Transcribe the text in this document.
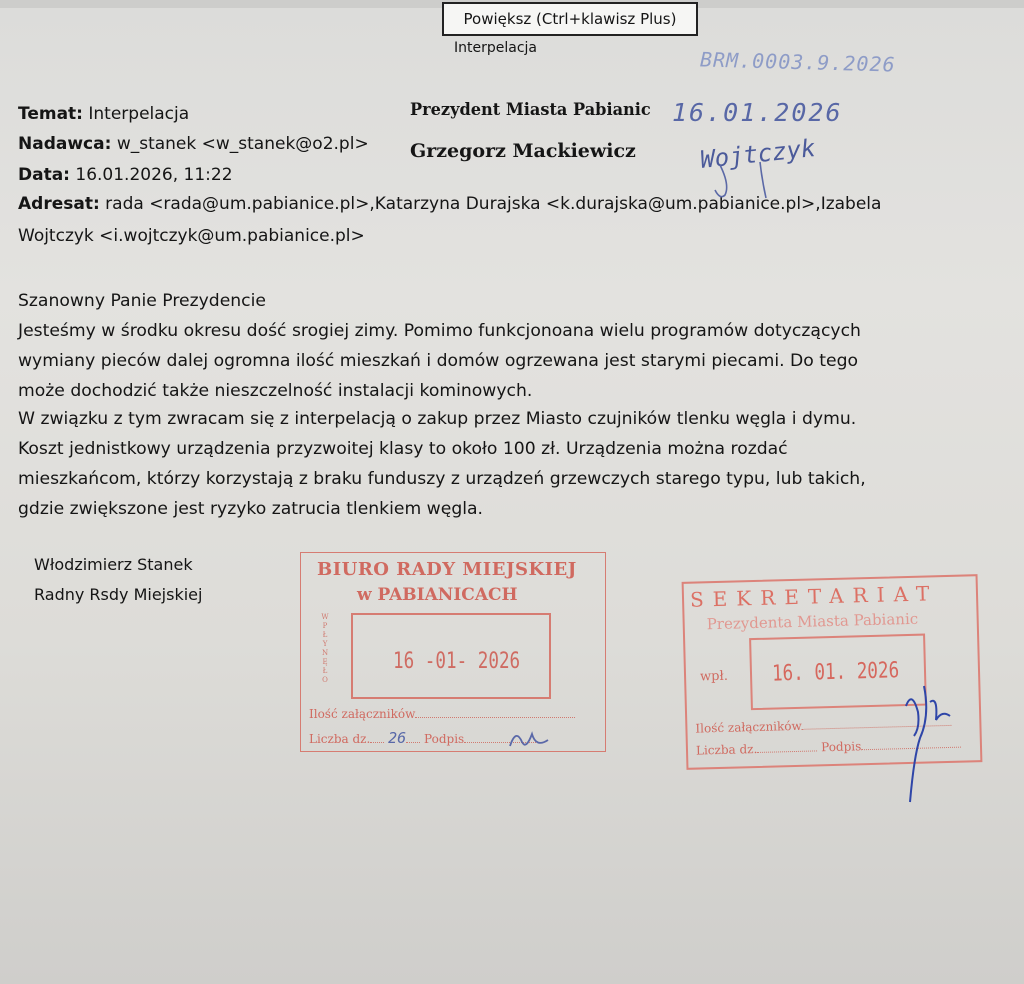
Powiększ (Ctrl+klawisz Plus)
Interpelacja
Temat: Interpelacja
Nadawca: w_stanek <w_stanek@o2.pl>
Data: 16.01.2026, 11:22
Adresat: rada <rada@um.pabianice.pl>,Katarzyna Durajska <k.durajska@um.pabianice.pl>,Izabela
Wojtczyk <i.wojtczyk@um.pabianice.pl>
Prezydent Miasta Pabianic
Grzegorz Mackiewicz
BRM.0003.9.2026
16.01.2026
Wojtczyk
Szanowny Panie Prezydencie
Jesteśmy w środku okresu dość srogiej zimy. Pomimo funkcjonoana wielu programów dotyczących
wymiany pieców dalej ogromna ilość mieszkań i domów ogrzewana jest starymi piecami. Do tego
może dochodzić także nieszczelność instalacji kominowych.
W związku z tym zwracam się z interpelacją o zakup przez Miasto czujników tlenku węgla i dymu.
Koszt jednistkowy urządzenia przyzwoitej klasy to około 100 zł. Urządzenia można rozdać
mieszkańcom, którzy korzystają z braku funduszy z urządzeń grzewczych starego typu, lub takich,
gdzie zwiększone jest ryzyko zatrucia tlenkiem węgla.
Włodzimierz Stanek
Radny Rsdy Miejskiej
BIURO RADY MIEJSKIEJ
w PABIANICACH
W
P
Ł
Y
N
Ę
Ł
O
16 -01- 2026
Ilość załączników
Liczba dz. 26 Podpis
SEKRETARIAT
Prezydenta Miasta Pabianic
wpł. 16. 01. 2026
Ilość załączników
Liczba dz.	Podpis
